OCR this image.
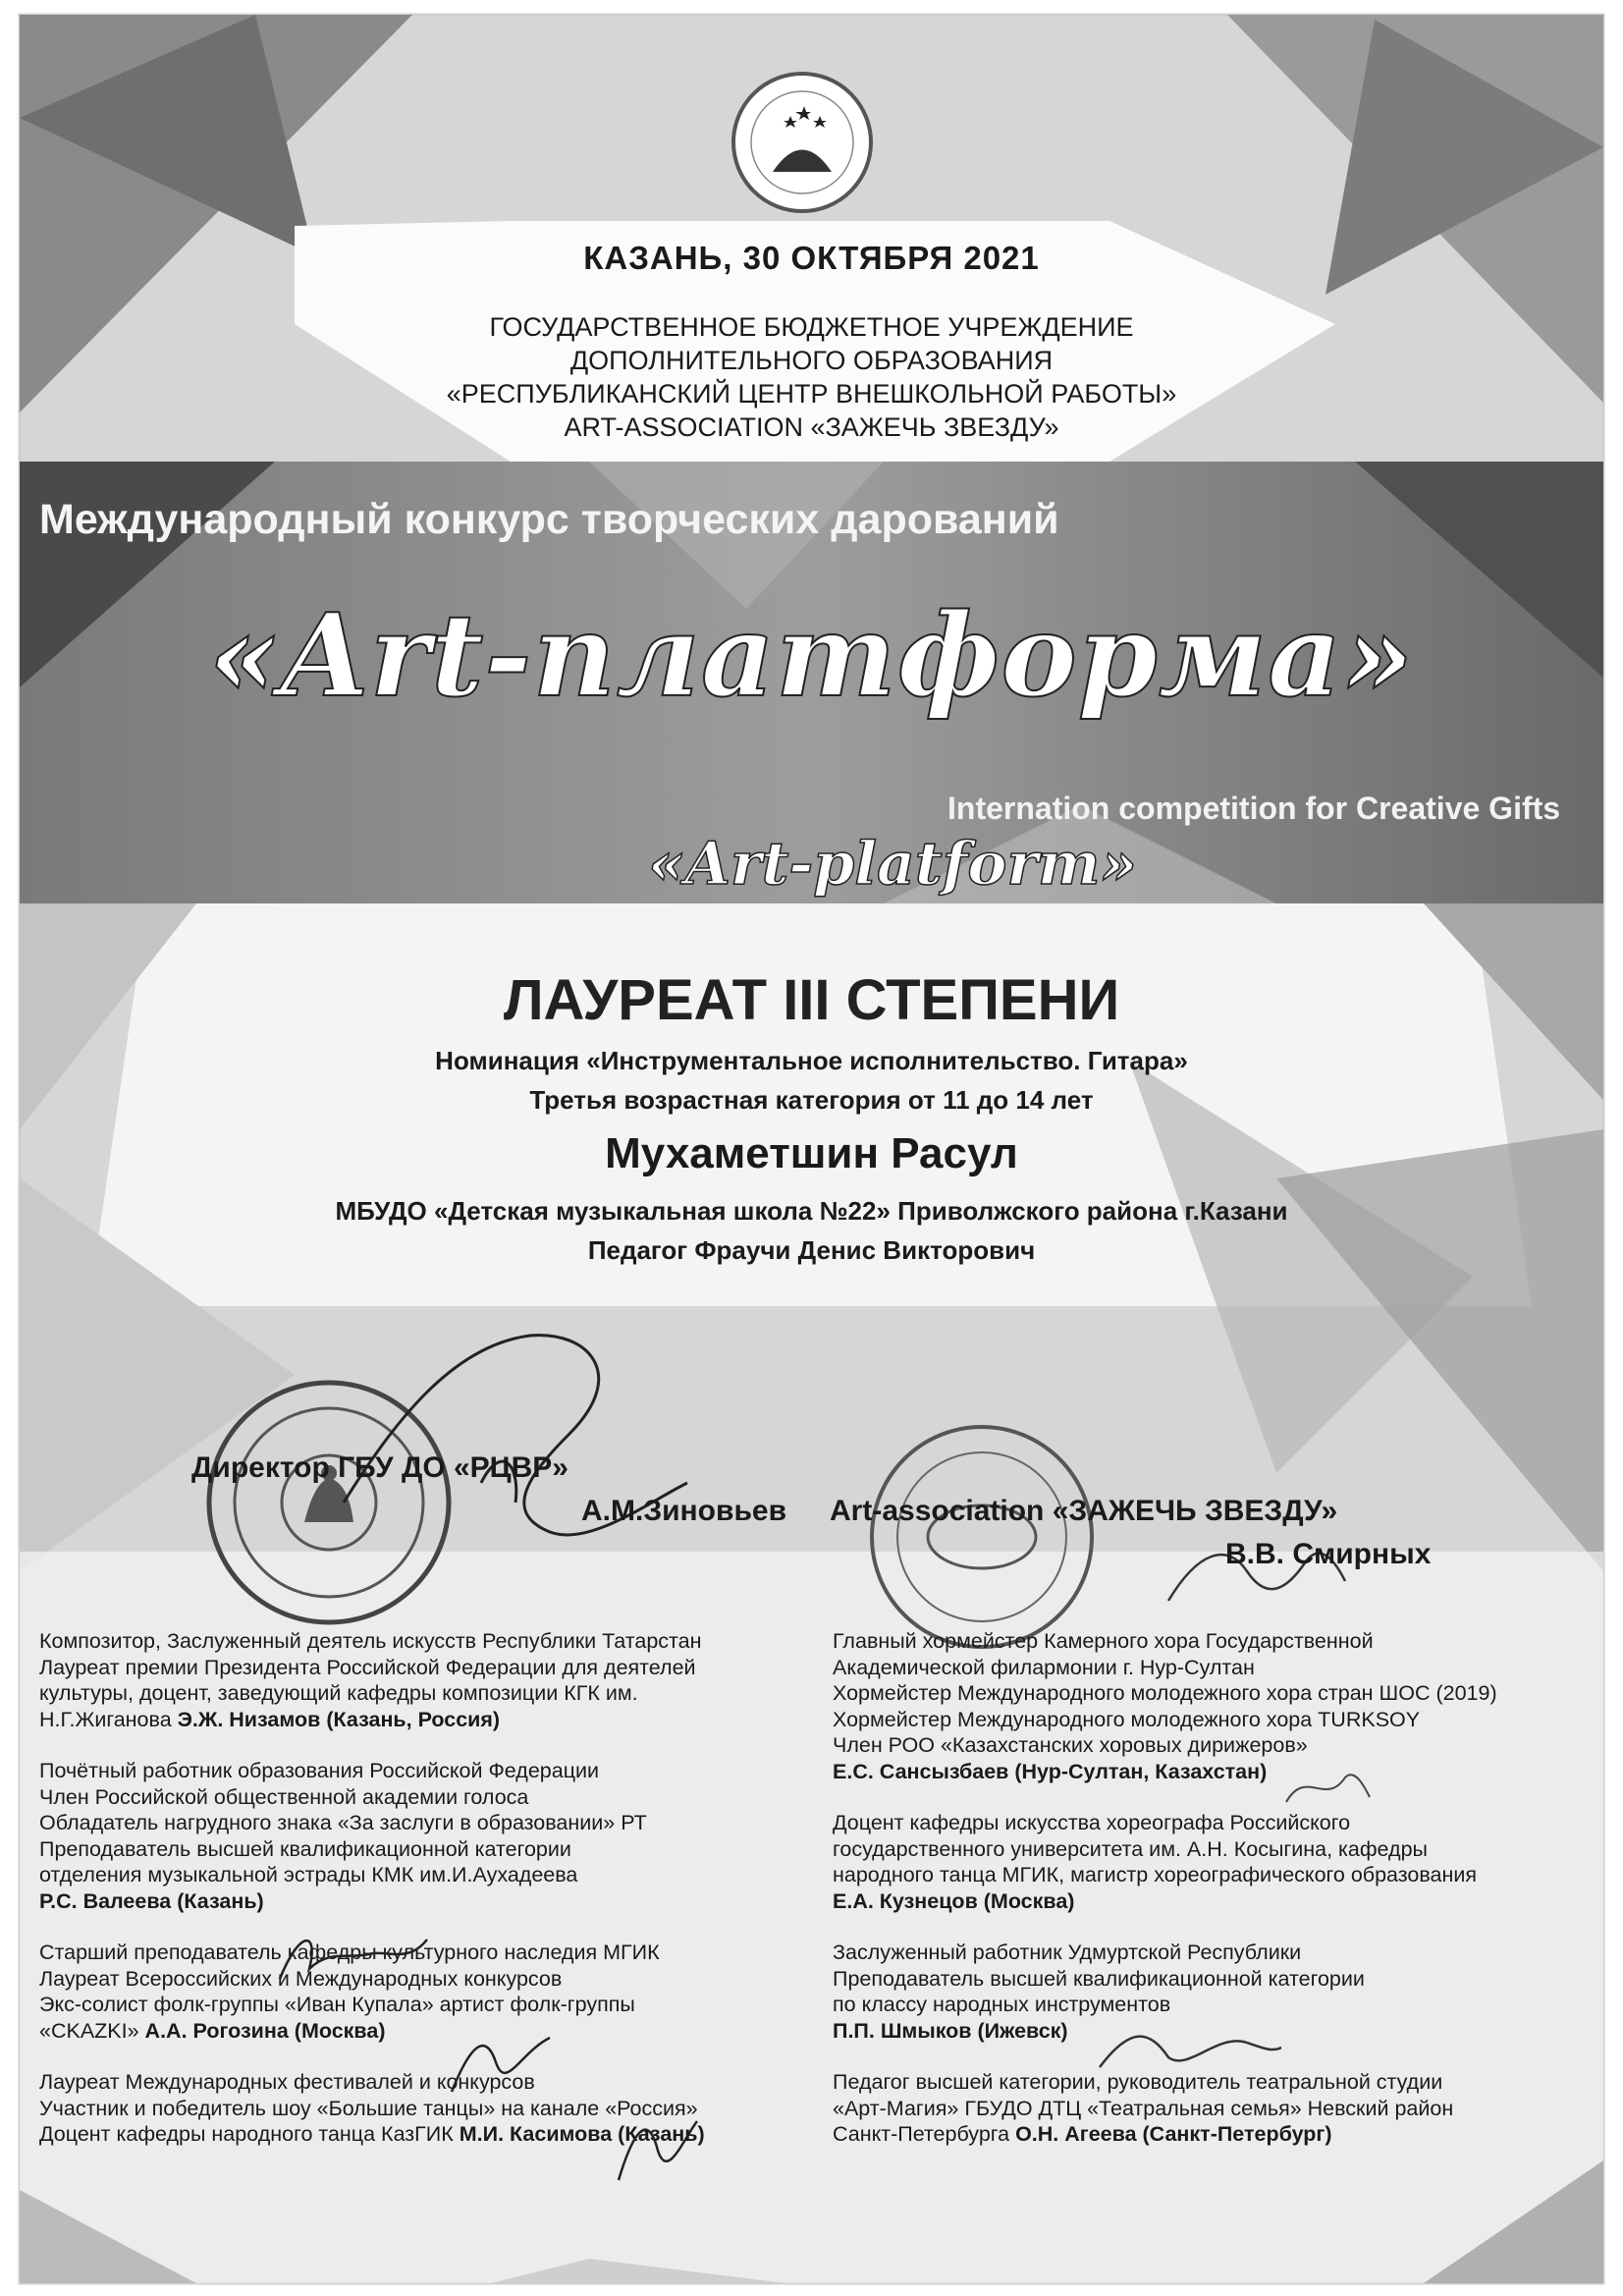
КАЗАНЬ, 30 ОКТЯБРЯ 2021
ГОСУДАРСТВЕННОЕ БЮДЖЕТНОЕ УЧРЕЖДЕНИЕ
ДОПОЛНИТЕЛЬНОГО ОБРАЗОВАНИЯ
«РЕСПУБЛИКАНСКИЙ ЦЕНТР ВНЕШКОЛЬНОЙ РАБОТЫ»
ART-ASSOCIATION «ЗАЖЕЧЬ ЗВЕЗДУ»
Международный конкурс творческих дарований
«Art-платформа»
Internation competition for Creative Gifts
«Art-platform»
ЛАУРЕАТ III СТЕПЕНИ
Номинация «Инструментальное исполнительство. Гитара»
Третья возрастная категория от 11 до 14 лет
Мухаметшин Расул
МБУДО «Детская музыкальная школа №22» Приволжского района г.Казани
Педагог Фраучи Денис Викторович
Директор ГБУ ДО «РЦВР»
А.М.Зиновьев Art-association «ЗАЖЕЧЬ ЗВЕЗДУ»
В.В. Смирных

Композитор, Заслуженный деятель искусств Республики Татарстан
Лауреат премии Президента Российской Федерации для деятелей
культуры, доцент, заведующий кафедры композиции КГК им.
Н.Г.Жиганова Э.Ж. Низамов (Казань, Россия)

Почётный работник образования Российской Федерации
Член Российской общественной академии голоса
Обладатель нагрудного знака «За заслуги в образовании» РТ
Преподаватель высшей квалификационной категории
отделения музыкальной эстрады КМК им.И.Аухадеева
Р.С. Валеева (Казань)

Старший преподаватель кафедры культурного наследия МГИК
Лауреат Всероссийских и Международных конкурсов
Экс-солист фолк-группы «Иван Купала» артист фолк-группы
«CKAZKI» А.А. Рогозина (Москва)

Лауреат Международных фестивалей и конкурсов
Участник и победитель шоу «Большие танцы» на канале «Россия»
Доцент кафедры народного танца КазГИК М.И. Касимова (Казань)

Главный хормейстер Камерного хора Государственной
Академической филармонии г. Нур-Султан
Хормейстер Международного молодежного хора стран ШОС (2019)
Хормейстер Международного молодежного хора TURKSOY
Член РОО «Казахстанских хоровых дирижеров»
Е.С. Сансызбаев (Нур-Султан, Казахстан)

Доцент кафедры искусства хореографа Российского
государственного университета им. А.Н. Косыгина, кафедры
народного танца МГИК, магистр хореографического образования
Е.А. Кузнецов (Москва)

Заслуженный работник Удмуртской Республики
Преподаватель высшей квалификационной категории
по классу народных инструментов
П.П. Шмыков (Ижевск)

Педагог высшей категории, руководитель театральной студии
«Арт-Магия» ГБУДО ДТЦ «Театральная семья» Невский район
Санкт-Петербурга О.Н. Агеева (Санкт-Петербург)
